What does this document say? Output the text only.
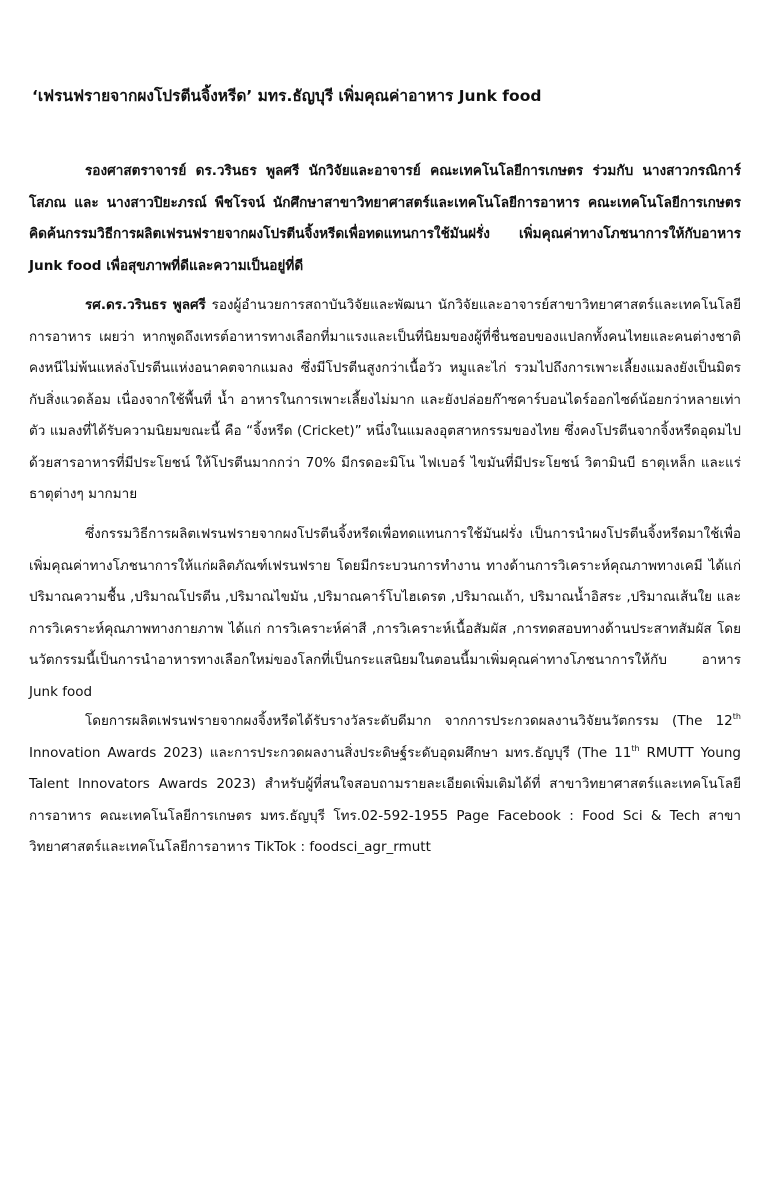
‘เฟรนฟรายจากผงโปรตีนจิ้งหรีด’ มทร.ธัญบุรี เพิ่มคุณค่าอาหาร Junk food

รองศาสตราจารย์ ดร.วรินธร พูลศรี นักวิจัยและอาจารย์ คณะเทคโนโลยีการเกษตร ร่วมกับ นางสาวกรณิการ์ โสภณ และ นางสาวปิยะภรณ์ พืชโรจน์ นักศึกษาสาขาวิทยาศาสตร์และเทคโนโลยีการอาหาร คณะเทคโนโลยีการเกษตร คิดค้นกรรมวิธีการผลิตเฟรนฟรายจากผงโปรตีนจิ้งหรีดเพื่อทดแทนการใช้มันฝรั่ง เพิ่มคุณค่าทางโภชนาการให้กับอาหาร Junk food เพื่อสุขภาพที่ดีและความเป็นอยู่ที่ดี

รศ.ดร.วรินธร พูลศรี รองผู้อำนวยการสถาบันวิจัยและพัฒนา นักวิจัยและอาจารย์สาขาวิทยาศาสตร์และเทคโนโลยีการอาหาร เผยว่า หากพูดถึงเทรต์อาหารทางเลือกที่มาแรงและเป็นที่นิยมของผู้ที่ชื่นชอบของแปลกทั้งคนไทยและคนต่างชาติ คงหนีไม่พ้นแหล่งโปรตีนแห่งอนาคตจากแมลง ซึ่งมีโปรตีนสูงกว่าเนื้อวัว หมูและไก่ รวมไปถึงการเพาะเลี้ยงแมลงยังเป็นมิตรกับสิ่งแวดล้อม เนื่องจากใช้พื้นที่ น้ำ อาหารในการเพาะเลี้ยงไม่มาก และยังปล่อยก๊าซคาร์บอนไดร์ออกไซด์น้อยกว่าหลายเท่าตัว แมลงที่ได้รับความนิยมขณะนี้ คือ “จิ้งหรีด (Cricket)” หนึ่งในแมลงอุตสาหกรรมของไทย ซึ่งคงโปรตีนจากจิ้งหรีดอุดมไปด้วยสารอาหารที่มีประโยชน์ ให้โปรตีนมากกว่า 70% มีกรดอะมิโน ไฟเบอร์ ไขมันที่มีประโยชน์ วิตามินบี ธาตุเหล็ก และแร่ธาตุต่างๆ มากมาย

ซึ่งกรรมวิธีการผลิตเฟรนฟรายจากผงโปรตีนจิ้งหรีดเพื่อทดแทนการใช้มันฝรั่ง เป็นการนำผงโปรตีนจิ้งหรีดมาใช้เพื่อเพิ่มคุณค่าทางโภชนาการให้แก่ผลิตภัณฑ์เฟรนฟราย โดยมีกระบวนการทำงาน ทางด้านการวิเคราะห์คุณภาพทางเคมี ได้แก่ ปริมาณความชื้น ,ปริมาณโปรตีน ,ปริมาณไขมัน ,ปริมาณคาร์โบไฮเดรต ,ปริมาณเถ้า, ปริมาณน้ำอิสระ ,ปริมาณเส้นใย และ การวิเคราะห์คุณภาพทางกายภาพ ได้แก่ การวิเคราะห์ค่าสี ,การวิเคราะห์เนื้อสัมผัส ,การทดสอบทางด้านประสาทสัมผัส โดยนวัตกรรมนี้เป็นการนำอาหารทางเลือกใหม่ของโลกที่เป็นกระแสนิยมในตอนนี้มาเพิ่มคุณค่าทางโภชนาการให้กับ อาหาร Junk food

โดยการผลิตเฟรนฟรายจากผงจิ้งหรีดได้รับรางวัลระดับดีมาก จากการประกวดผลงานวิจัยนวัตกรรม (The 12th Innovation Awards 2023) และการประกวดผลงานสิ่งประดิษฐ์ระดับอุดมศึกษา มทร.ธัญบุรี (The 11th RMUTT Young Talent Innovators Awards 2023) สำหรับผู้ที่สนใจสอบถามรายละเอียดเพิ่มเติมได้ที่ สาขาวิทยาศาสตร์และเทคโนโลยีการอาหาร คณะเทคโนโลยีการเกษตร มทร.ธัญบุรี โทร.02-592-1955 Page Facebook : Food Sci & Tech สาขาวิทยาศาสตร์และเทคโนโลยีการอาหาร TikTok : foodsci_agr_rmutt
